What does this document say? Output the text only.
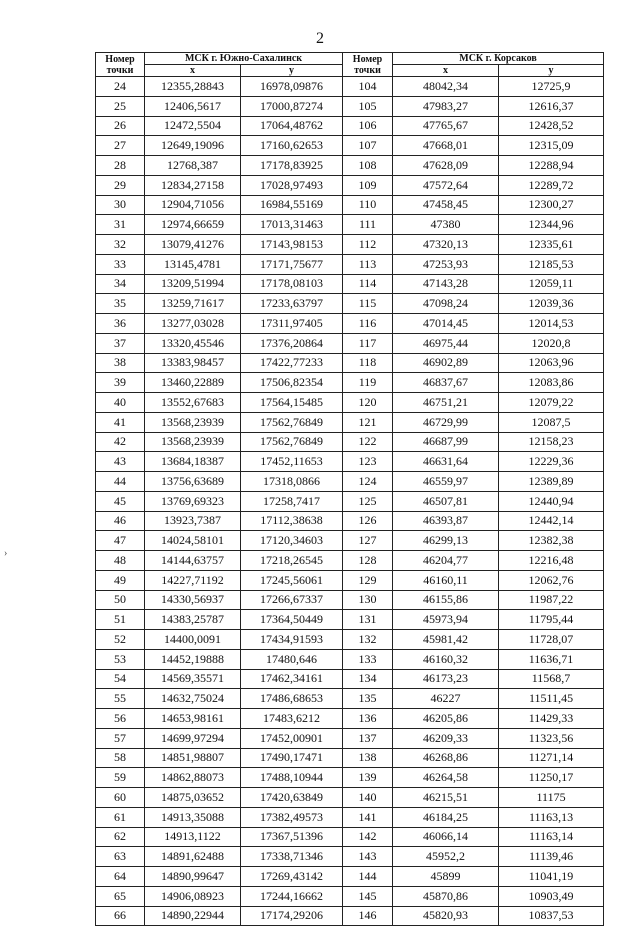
2
›
Номер точки	МСК г. Южно-Сахалинск		Номер точки	МСК г. Корсаков	
	x	y		x	y
24	12355,28843	16978,09876	104	48042,34	12725,9
25	12406,5617	17000,87274	105	47983,27	12616,37
26	12472,5504	17064,48762	106	47765,67	12428,52
27	12649,19096	17160,62653	107	47668,01	12315,09
28	12768,387	17178,83925	108	47628,09	12288,94
29	12834,27158	17028,97493	109	47572,64	12289,72
30	12904,71056	16984,55169	110	47458,45	12300,27
31	12974,66659	17013,31463	111	47380	12344,96
32	13079,41276	17143,98153	112	47320,13	12335,61
33	13145,4781	17171,75677	113	47253,93	12185,53
34	13209,51994	17178,08103	114	47143,28	12059,11
35	13259,71617	17233,63797	115	47098,24	12039,36
36	13277,03028	17311,97405	116	47014,45	12014,53
37	13320,45546	17376,20864	117	46975,44	12020,8
38	13383,98457	17422,77233	118	46902,89	12063,96
39	13460,22889	17506,82354	119	46837,67	12083,86
40	13552,67683	17564,15485	120	46751,21	12079,22
41	13568,23939	17562,76849	121	46729,99	12087,5
42	13568,23939	17562,76849	122	46687,99	12158,23
43	13684,18387	17452,11653	123	46631,64	12229,36
44	13756,63689	17318,0866	124	46559,97	12389,89
45	13769,69323	17258,7417	125	46507,81	12440,94
46	13923,7387	17112,38638	126	46393,87	12442,14
47	14024,58101	17120,34603	127	46299,13	12382,38
48	14144,63757	17218,26545	128	46204,77	12216,48
49	14227,71192	17245,56061	129	46160,11	12062,76
50	14330,56937	17266,67337	130	46155,86	11987,22
51	14383,25787	17364,50449	131	45973,94	11795,44
52	14400,0091	17434,91593	132	45981,42	11728,07
53	14452,19888	17480,646	133	46160,32	11636,71
54	14569,35571	17462,34161	134	46173,23	11568,7
55	14632,75024	17486,68653	135	46227	11511,45
56	14653,98161	17483,6212	136	46205,86	11429,33
57	14699,97294	17452,00901	137	46209,33	11323,56
58	14851,98807	17490,17471	138	46268,86	11271,14
59	14862,88073	17488,10944	139	46264,58	11250,17
60	14875,03652	17420,63849	140	46215,51	11175
61	14913,35088	17382,49573	141	46184,25	11163,13
62	14913,1122	17367,51396	142	46066,14	11163,14
63	14891,62488	17338,71346	143	45952,2	11139,46
64	14890,99647	17269,43142	144	45899	11041,19
65	14906,08923	17244,16662	145	45870,86	10903,49
66	14890,22944	17174,29206	146	45820,93	10837,53
